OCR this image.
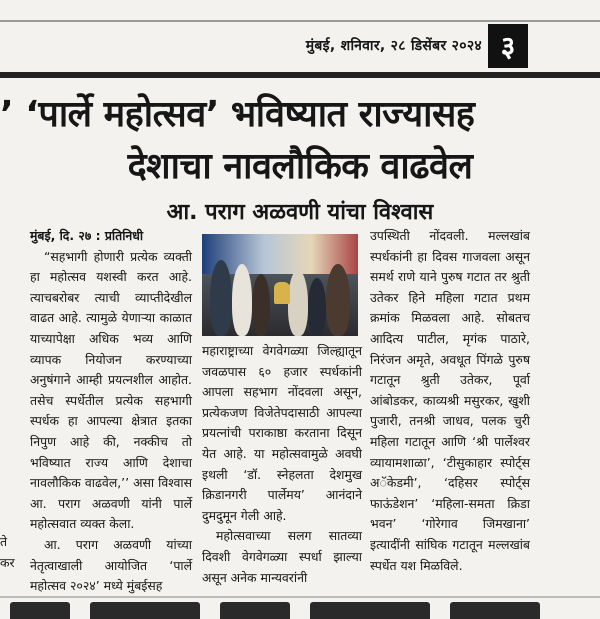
मुंबई, शनिवार, २८ डिसेंबर २०२४ ३
’ ‘पार्ले महोत्सव’ भविष्यात राज्यासह
देशाचा नावलौकिक वाढवेल
आ. पराग अळवणी यांचा विश्वास
ते
कर

मुंबई, दि. २७ : प्रतिनिधी

“सहभागी होणारी प्रत्येक व्यक्ती हा महोत्सव यशस्वी करत आहे. त्याचबरोबर त्याची व्याप्तीदेखील वाढत आहे. त्यामुळे येणाऱ्या काळात याच्यापेक्षा अधिक भव्य आणि व्यापक नियोजन करण्याच्या अनुषंगाने आम्ही प्रयत्नशील आहोत. तसेच स्पर्धेतील प्रत्येक सहभागी स्पर्धक हा आपल्या क्षेत्रात इतका निपुण आहे की, नक्कीच तो भविष्यात राज्य आणि देशाचा नावलौकिक वाढवेल,’’ असा विश्वास आ. पराग अळवणी यांनी पार्ले महोत्सवात व्यक्त केला.

आ. पराग अळवणी यांच्या नेतृत्वाखाली आयोजित ‘पार्ले महोत्सव २०२४’ मध्ये मुंबईसह

महाराष्ट्राच्या वेगवेगळ्या जिल्ह्यातून जवळपास ६० हजार स्पर्धकांनी आपला सहभाग नोंदवला असून, प्रत्येकजण विजेतेपदासाठी आपल्या प्रयत्नांची पराकाष्ठा करताना दिसून येत आहे. या महोत्सवामुळे अवघी इथली ‘डॉ. स्नेहलता देशमुख क्रिडानगरी पार्लेमय’ आनंदाने दुमदुमून गेली आहे.

महोत्सवाच्या सलग सातव्या दिवशी वेगवेगळ्या स्पर्धा झाल्या असून अनेक मान्यवरांनी

उपस्थिती नोंदवली. मल्लखांब स्पर्धकांनी हा दिवस गाजवला असून समर्थ राणे याने पुरुष गटात तर श्रुती उतेकर हिने महिला गटात प्रथम क्रमांक मिळवला आहे. सोबतच आदित्य पाटील, मृगंक पाठारे, निरंजन अमृते, अवधूत पिंगळे पुरुष गटातून श्रुती उतेकर, पूर्वा आंबोडकर, काव्यश्री मसुरकर, खुशी पुजारी, तनश्री जाधव, पलक चुरी महिला गटातून आणि ‘श्री पार्लेश्वर व्यायामशाळा’, ‘टीसुकाहार स्पोर्ट्स अॅकेडमी’, ‘दहिसर स्पोर्ट्स फाऊंडेशन’ ‘महिला-समता क्रिडा भवन’ ‘गोरेगाव जिमखाना’ इत्यादींनी सांघिक गटातून मल्लखांब स्पर्धेत यश मिळविले.
